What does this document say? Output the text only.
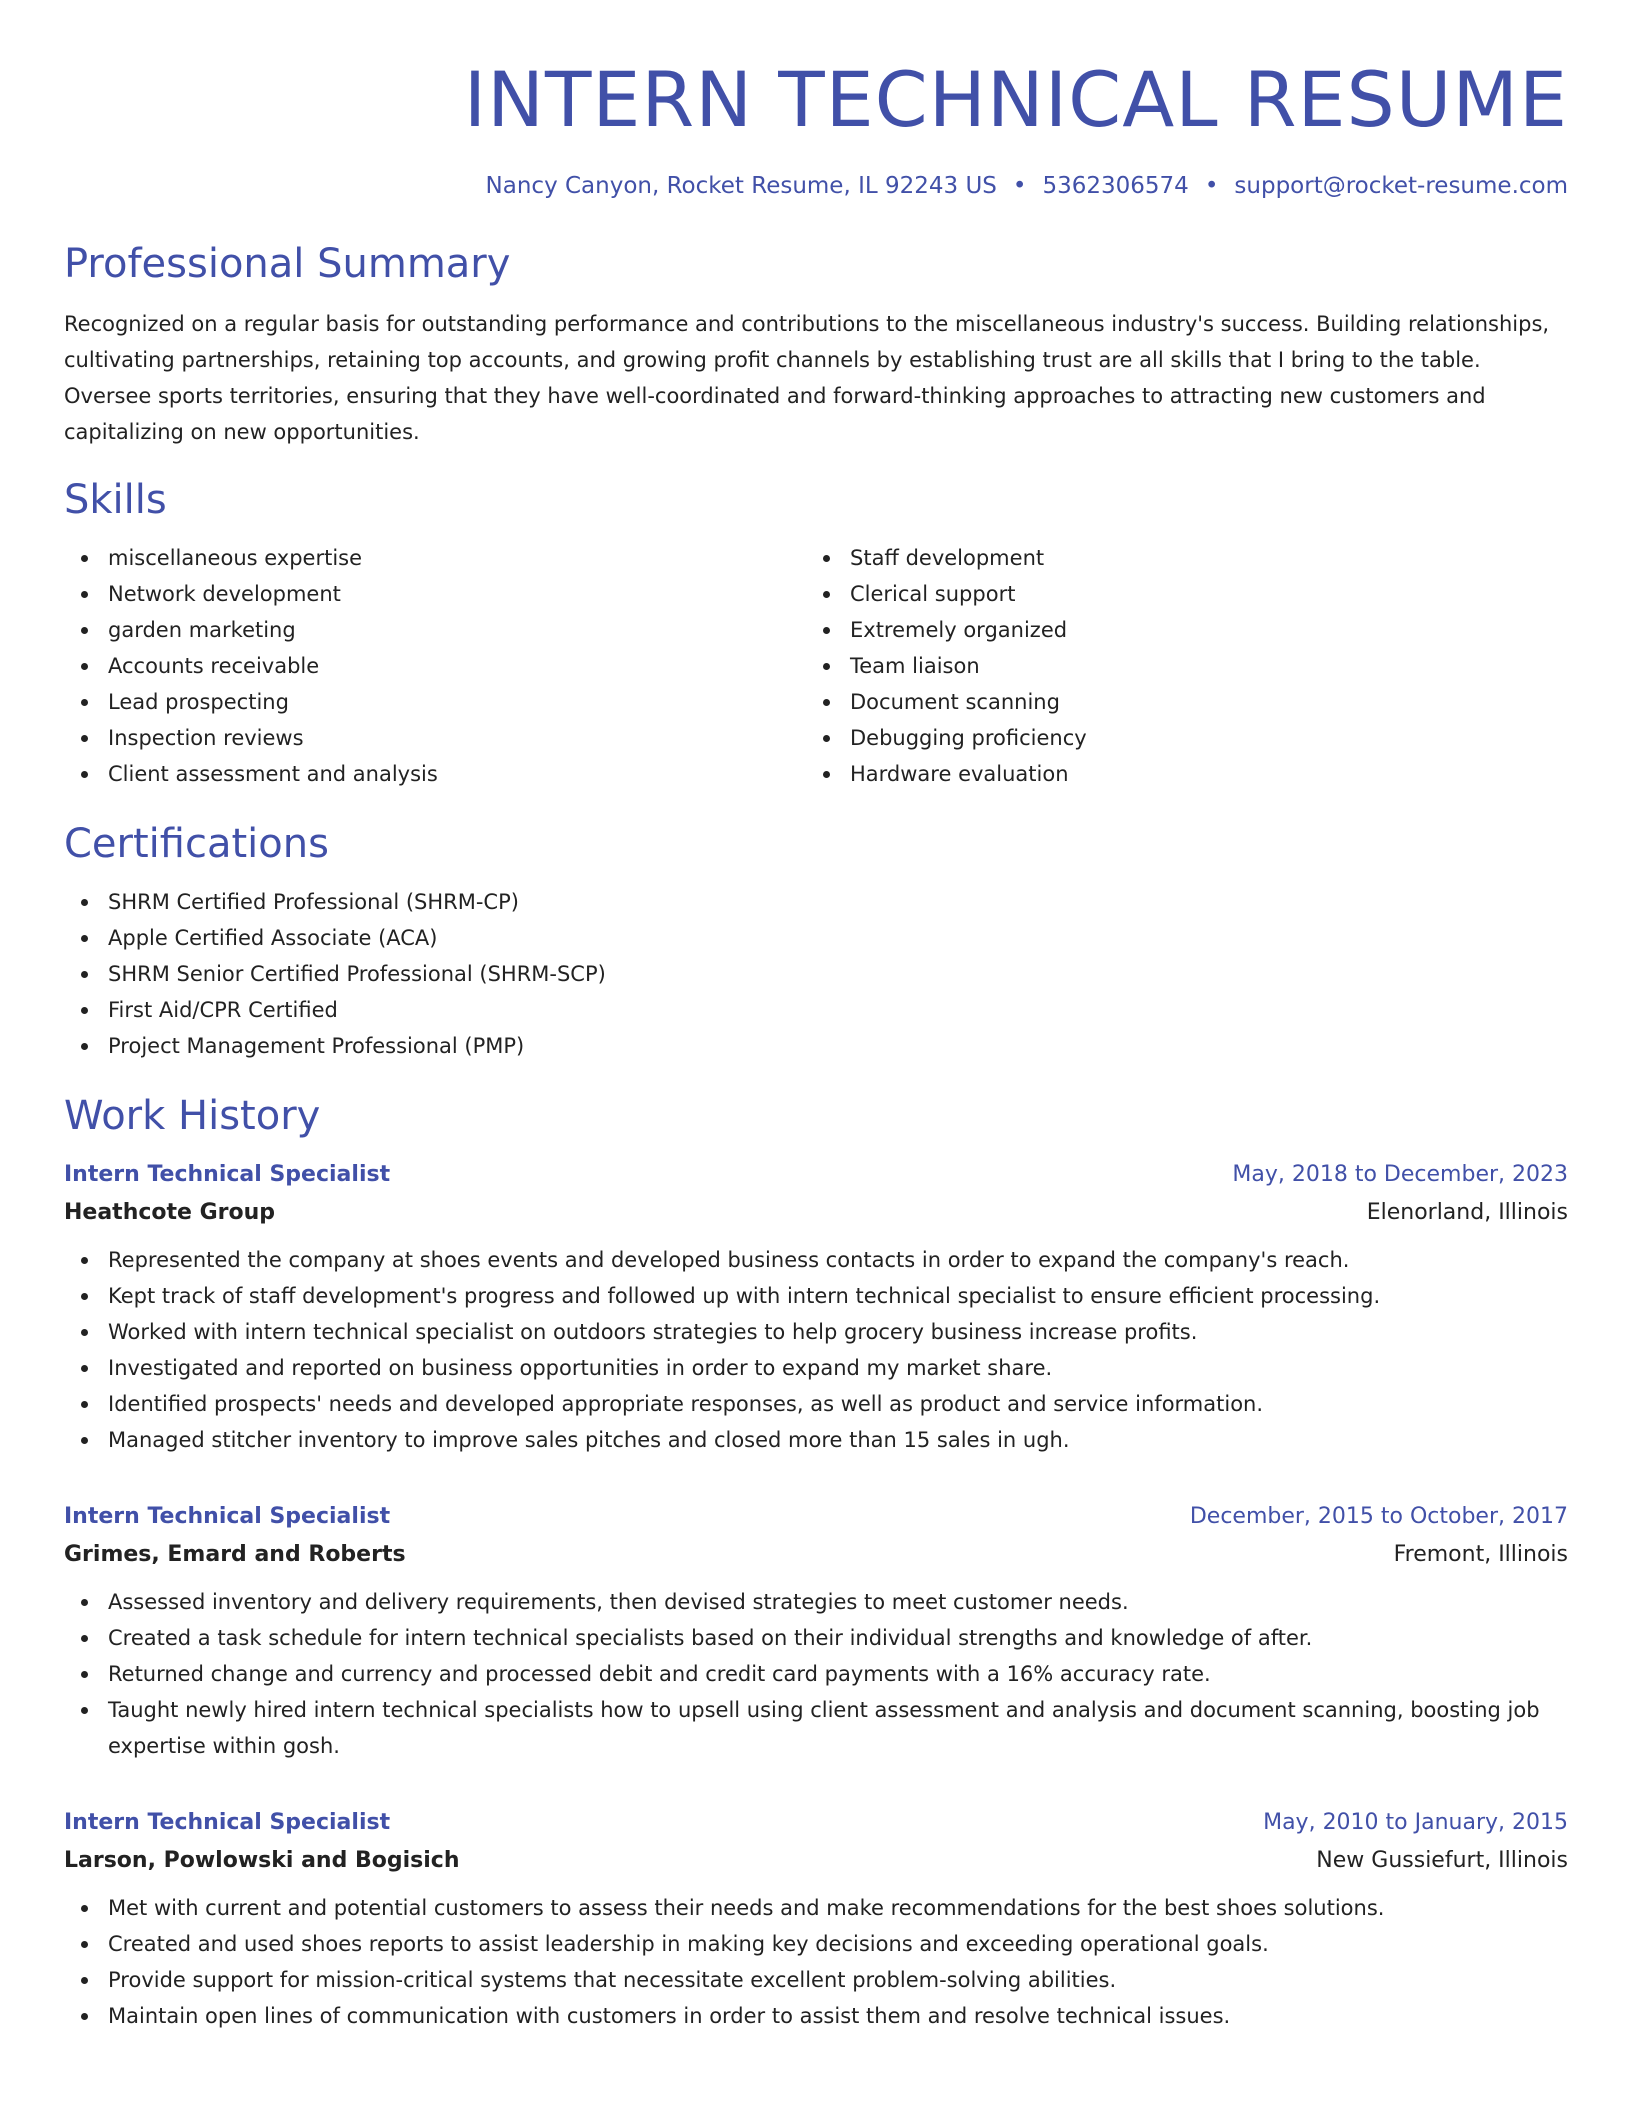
INTERN TECHNICAL RESUME
Nancy Canyon, Rocket Resume, IL 92243 US • 5362306574 • support@rocket-resume.com
Professional Summary

Recognized on a regular basis for outstanding performance and contributions to the miscellaneous industry's success. Building relationships, cultivating partnerships, retaining top accounts, and growing profit channels by establishing trust are all skills that I bring to the table. Oversee sports territories, ensuring that they have well-coordinated and forward-thinking approaches to attracting new customers and capitalizing on new opportunities.

Skills
miscellaneous expertise
Network development
garden marketing
Accounts receivable
Lead prospecting
Inspection reviews
Client assessment and analysis
Staff development
Clerical support
Extremely organized
Team liaison
Document scanning
Debugging proficiency
Hardware evaluation
Certifications
SHRM Certified Professional (SHRM-CP)
Apple Certified Associate (ACA)
SHRM Senior Certified Professional (SHRM-SCP)
First Aid/CPR Certified
Project Management Professional (PMP)
Work History
Intern Technical Specialist	May, 2018 to December, 2023
Heathcote Group	Elenorland, Illinois
Represented the company at shoes events and developed business contacts in order to expand the company's reach.
Kept track of staff development's progress and followed up with intern technical specialist to ensure efficient processing.
Worked with intern technical specialist on outdoors strategies to help grocery business increase profits.
Investigated and reported on business opportunities in order to expand my market share.
Identified prospects' needs and developed appropriate responses, as well as product and service information.
Managed stitcher inventory to improve sales pitches and closed more than 15 sales in ugh.
Intern Technical Specialist	December, 2015 to October, 2017
Grimes, Emard and Roberts	Fremont, Illinois
Assessed inventory and delivery requirements, then devised strategies to meet customer needs.
Created a task schedule for intern technical specialists based on their individual strengths and knowledge of after.
Returned change and currency and processed debit and credit card payments with a 16% accuracy rate.
Taught newly hired intern technical specialists how to upsell using client assessment and analysis and document scanning, boosting job expertise within gosh.
Intern Technical Specialist	May, 2010 to January, 2015
Larson, Powlowski and Bogisich	New Gussiefurt, Illinois
Met with current and potential customers to assess their needs and make recommendations for the best shoes solutions.
Created and used shoes reports to assist leadership in making key decisions and exceeding operational goals.
Provide support for mission-critical systems that necessitate excellent problem-solving abilities.
Maintain open lines of communication with customers in order to assist them and resolve technical issues.
